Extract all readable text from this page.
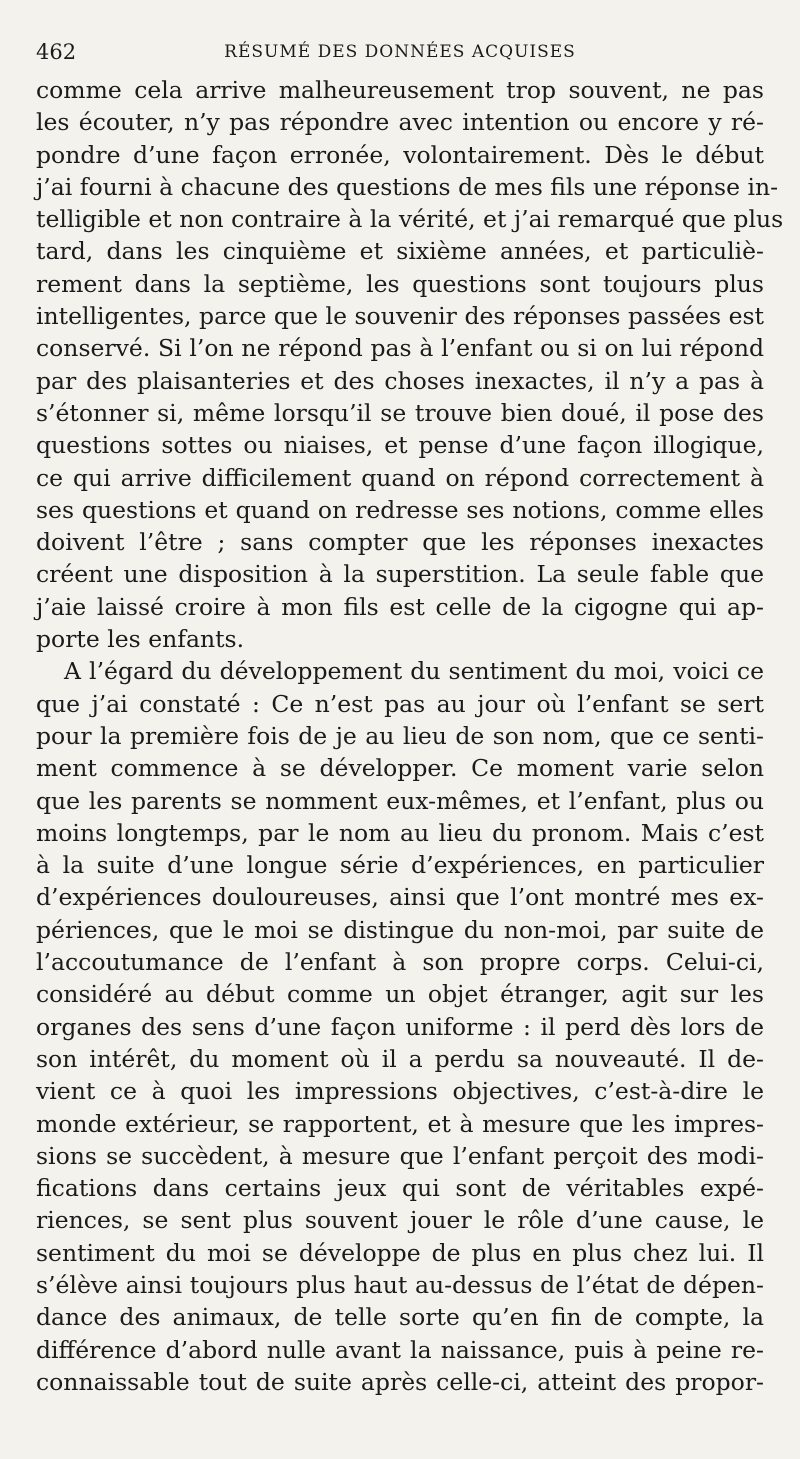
462	RÉSUMÉ DES DONNÉES ACQUISES
comme cela arrive malheureusement trop souvent, ne pas
les écouter, n’y pas répondre avec intention ou encore y ré-
pondre d’une façon erronée, volontairement. Dès le début
j’ai fourni à chacune des questions de mes fils une réponse in-
telligible et non contraire à la vérité, et j’ai remarqué que plus
tard, dans les cinquième et sixième années, et particuliè-
rement dans la septième, les questions sont toujours plus
intelligentes, parce que le souvenir des réponses passées est
conservé. Si l’on ne répond pas à l’enfant ou si on lui répond
par des plaisanteries et des choses inexactes, il n’y a pas à
s’étonner si, même lorsqu’il se trouve bien doué, il pose des
questions sottes ou niaises, et pense d’une façon illogique,
ce qui arrive difficilement quand on répond correctement à
ses questions et quand on redresse ses notions, comme elles
doivent l’être ; sans compter que les réponses inexactes
créent une disposition à la superstition. La seule fable que
j’aie laissé croire à mon fils est celle de la cigogne qui ap-
porte les enfants.
A l’égard du développement du sentiment du moi, voici ce
que j’ai constaté : Ce n’est pas au jour où l’enfant se sert
pour la première fois de je au lieu de son nom, que ce senti-
ment commence à se développer. Ce moment varie selon
que les parents se nomment eux-mêmes, et l’enfant, plus ou
moins longtemps, par le nom au lieu du pronom. Mais c’est
à la suite d’une longue série d’expériences, en particulier
d’expériences douloureuses, ainsi que l’ont montré mes ex-
périences, que le moi se distingue du non-moi, par suite de
l’accoutumance de l’enfant à son propre corps. Celui-ci,
considéré au début comme un objet étranger, agit sur les
organes des sens d’une façon uniforme : il perd dès lors de
son intérêt, du moment où il a perdu sa nouveauté. Il de-
vient ce à quoi les impressions objectives, c’est-à-dire le
monde extérieur, se rapportent, et à mesure que les impres-
sions se succèdent, à mesure que l’enfant perçoit des modi-
fications dans certains jeux qui sont de véritables expé-
riences, se sent plus souvent jouer le rôle d’une cause, le
sentiment du moi se développe de plus en plus chez lui. Il
s’élève ainsi toujours plus haut au-dessus de l’état de dépen-
dance des animaux, de telle sorte qu’en fin de compte, la
différence d’abord nulle avant la naissance, puis à peine re-
connaissable tout de suite après celle-ci, atteint des propor-
